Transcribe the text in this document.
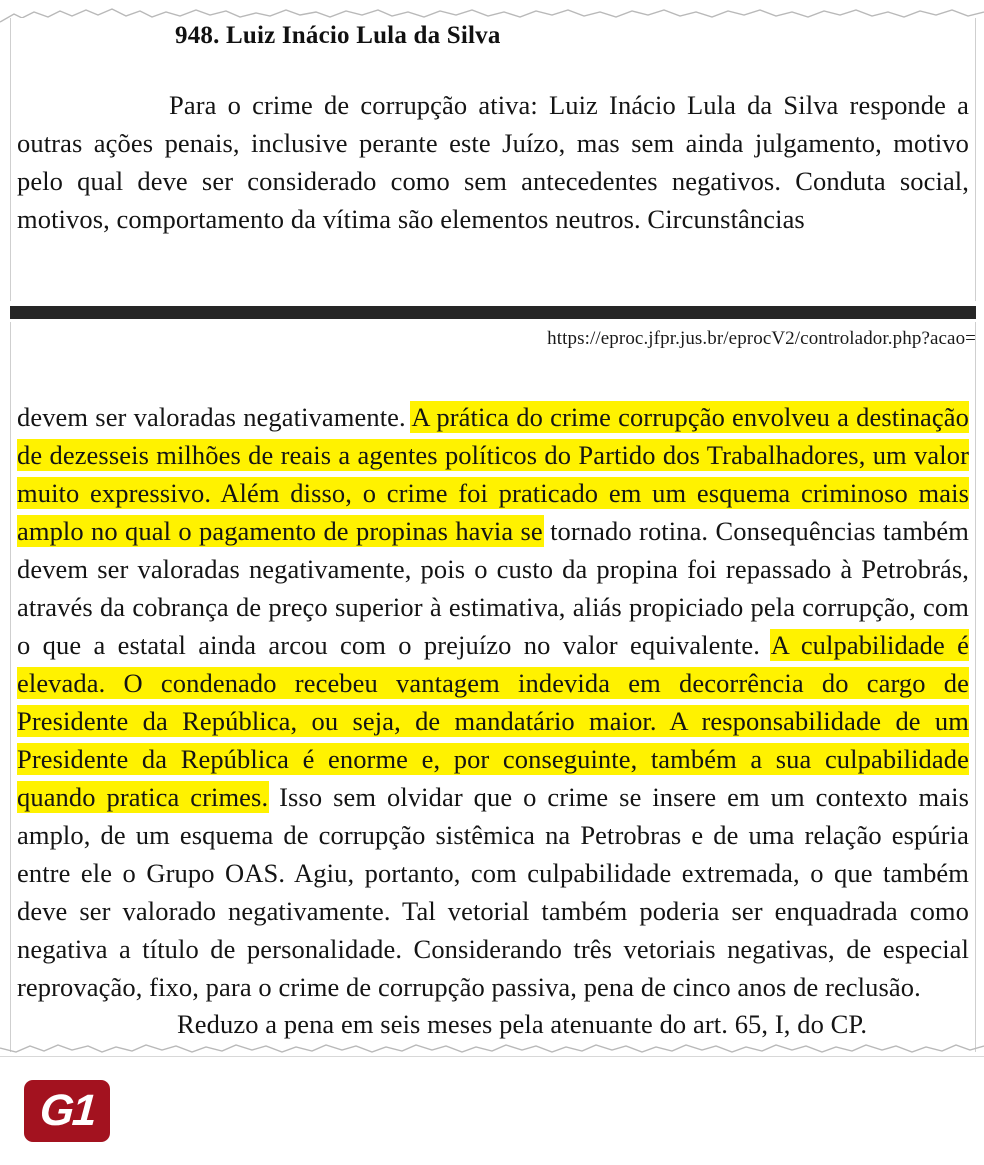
948. Luiz Inácio Lula da Silva
Para o crime de corrupção ativa: Luiz Inácio Lula da Silva responde a outras ações penais, inclusive perante este Juízo, mas sem ainda julgamento, motivo pelo qual deve ser considerado como sem antecedentes negativos. Conduta social, motivos, comportamento da vítima são elementos neutros. Circunstâncias
https://eproc.jfpr.jus.br/eprocV2/controlador.php?acao=
devem ser valoradas negativamente. A prática do crime corrupção envolveu a destinação de dezesseis milhões de reais a agentes políticos do Partido dos Trabalhadores, um valor muito expressivo. Além disso, o crime foi praticado em um esquema criminoso mais amplo no qual o pagamento de propinas havia se tornado rotina. Consequências também devem ser valoradas negativamente, pois o custo da propina foi repassado à Petrobrás, através da cobrança de preço superior à estimativa, aliás propiciado pela corrupção, com o que a estatal ainda arcou com o prejuízo no valor equivalente. A culpabilidade é elevada. O condenado recebeu vantagem indevida em decorrência do cargo de Presidente da República, ou seja, de mandatário maior. A responsabilidade de um Presidente da República é enorme e, por conseguinte, também a sua culpabilidade quando pratica crimes. Isso sem olvidar que o crime se insere em um contexto mais amplo, de um esquema de corrupção sistêmica na Petrobras e de uma relação espúria entre ele o Grupo OAS. Agiu, portanto, com culpabilidade extremada, o que também deve ser valorado negativamente. Tal vetorial também poderia ser enquadrada como negativa a título de personalidade. Considerando três vetoriais negativas, de especial reprovação, fixo, para o crime de corrupção passiva, pena de cinco anos de reclusão.
Reduzo a pena em seis meses pela atenuante do art. 65, I, do CP.
G1
